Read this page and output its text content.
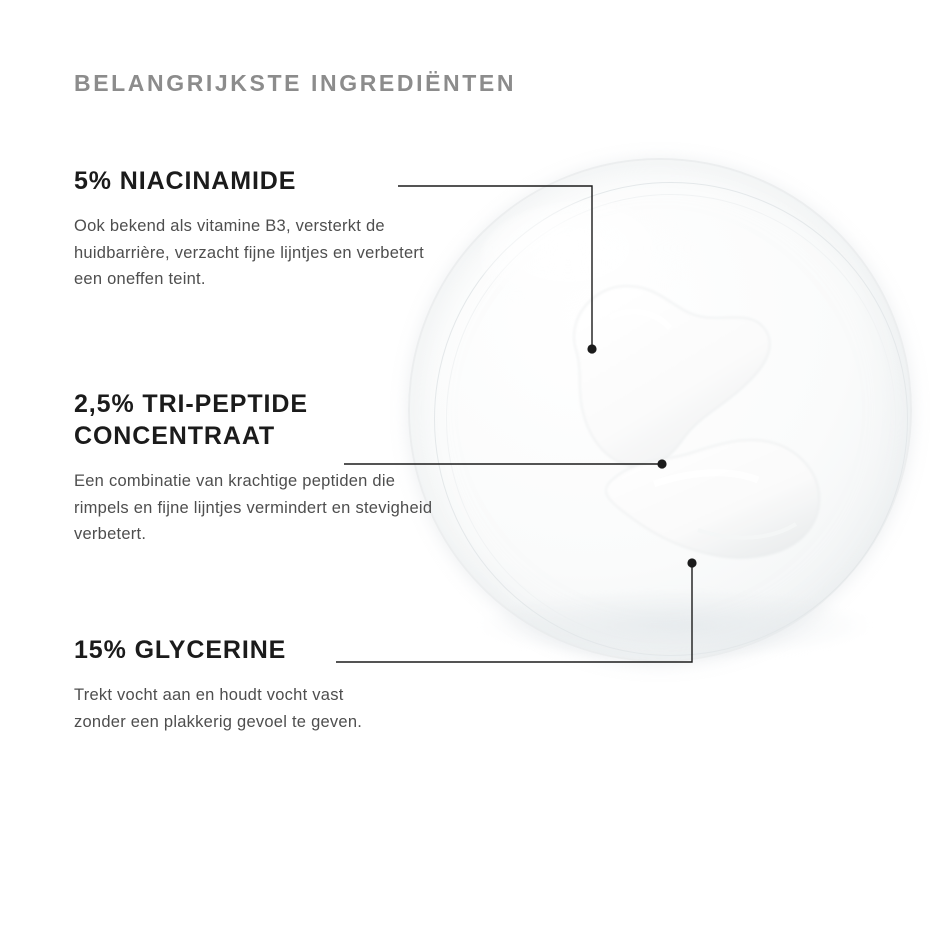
BELANGRIJKSTE INGREDIËNTEN
5% NIACINAMIDE
Ook bekend als vitamine B3, versterkt de huidbarrière, verzacht fijne lijntjes en verbetert een oneffen teint.
2,5% TRI-PEPTIDE CONCENTRAAT
Een combinatie van krachtige peptiden die rimpels en fijne lijntjes vermindert en stevigheid verbetert.
15% GLYCERINE
Trekt vocht aan en houdt vocht vast zonder een plakkerig gevoel te geven.
